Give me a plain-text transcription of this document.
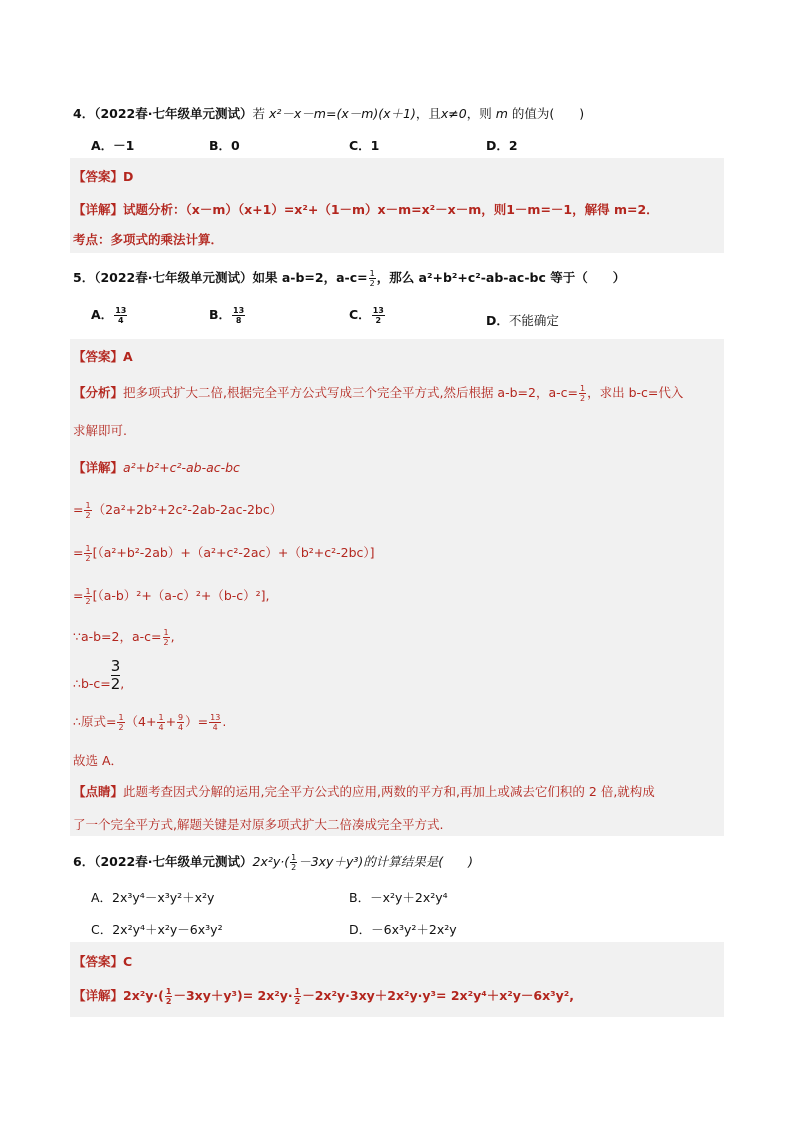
4．（2022春·七年级单元测试）若 x²－x－m=(x－m)(x＋1)，且x≠0，则 m 的值为(　　)
A．－1	B．0	C．1	D．2
【答案】D
【详解】试题分析：（x－m）（x+1）=x²+（1－m）x－m=x²－x－m，则1－m=－1，解得 m=2．
考点：多项式的乘法计算．
5．（2022春·七年级单元测试）如果 a-b=2，$a-c= \frac{1}{2}$ ，那么 a²+b²+c²-ab-ac-bc 等于（　　）
A． $\frac{13}{4}$	B． $\frac{13}{8}$	C． $\frac{13}{2}$	D．不能确定
【答案】A
【分析】把多项式扩大二倍,根据完全平方公式写成三个完全平方式,然后根据 a-b=2，$a-c= \frac{1}{2}$ ，求出 b-c=代入
求解即可.
【详解】a²+b²+c²-ab-ac-bc
= $\frac{1}{2} (2a^2+2b^2+2c^2-2ab-2ac-2bc)$
= $\frac{1}{2} [(a^2+b^2-2ab)+(a^2+c^2-2ac)+(b^2+c^2-2bc)]$
= $\frac{1}{2} [(a-b)^2+(a-c)^2+(b-c)^2]$,
∵a-b=2，$a-c= \frac{1}{2}$ ,
∴b-c= $\frac{3}{2}$ ,
∴原式= $\frac{1}{2} (4+ \frac{1}{4} + \frac{9}{4}$ ）= $\frac{13}{4}$ .
故选 A．
【点睛】此题考查因式分解的运用,完全平方公式的应用,两数的平方和,再加上或减去它们积的 2 倍,就构成
了一个完全平方式,解题关键是对原多项式扩大二倍凑成完全平方式.
6．（2022春·七年级单元测试）$2x^2y\cdot( \frac{1}{2} -3xy+y^3)$的计算结果是(　　)
A．2x³y⁴－x³y²＋x²y	B．－x²y＋2x²y⁴
C．2x²y⁴＋x²y－6x³y²	D．－6x³y²＋2x²y
【答案】C
【详解】$2x^2y\cdot( \frac{1}{2} -3xy+y^3)= 2x^2y\cdot \frac{1}{2} -2x^2y\cdot 3xy+2x^2y\cdot y^3= 2x^2y^4+x^2y-6x^3y^2$,
